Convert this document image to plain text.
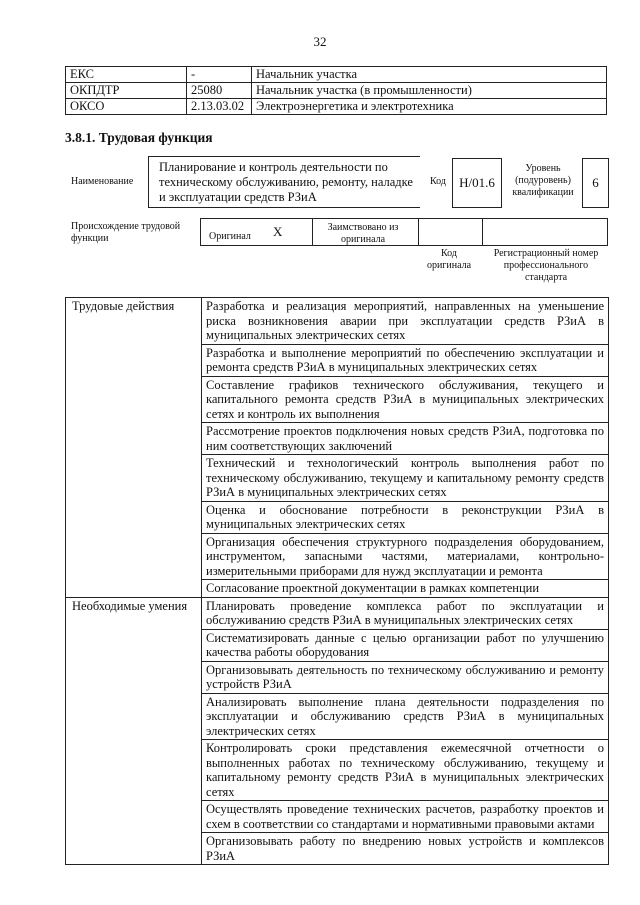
32
ЕКС	-	Начальник участка
ОКПДТР	25080	Начальник участка (в промышленности)
ОКСО	2.13.03.02	Электроэнергетика и электротехника
3.8.1. Трудовая функция
Наименование
Планирование и контроль деятельности по техническому обслуживанию, ремонту, наладке и эксплуатации средств РЗиА
Код	H/01.6
Уровень (подуровень) квалификации
6
Происхождение трудовой функции	Оригинал Х	Заимствовано из оригинала
Код оригинала
Регистрационный номер профессионального стандарта
Трудовые действия	Разработка и реализация мероприятий, направленных на уменьшение риска возникновения аварии при эксплуатации средств РЗиА в муниципальных электрических сетях
	Разработка и выполнение мероприятий по обеспечению эксплуатации и ремонта средств РЗиА в муниципальных электрических сетях
	Составление графиков технического обслуживания, текущего и капитального ремонта средств РЗиА в муниципальных электрических сетях и контроль их выполнения
	Рассмотрение проектов подключения новых средств РЗиА, подготовка по ним соответствующих заключений
	Технический и технологический контроль выполнения работ по техническому обслуживанию, текущему и капитальному ремонту средств РЗиА в муниципальных электрических сетях
	Оценка и обоснование потребности в реконструкции РЗиА в муниципальных электрических сетях
	Организация обеспечения структурного подразделения оборудованием, инструментом, запасными частями, материалами, контрольно-измерительными приборами для нужд эксплуатации и ремонта
	Согласование проектной документации в рамках компетенции
Необходимые умения	Планировать проведение комплекса работ по эксплуатации и обслуживанию средств РЗиА в муниципальных электрических сетях
	Систематизировать данные с целью организации работ по улучшению качества работы оборудования
	Организовывать деятельность по техническому обслуживанию и ремонту устройств РЗиА
	Анализировать выполнение плана деятельности подразделения по эксплуатации и обслуживанию средств РЗиА в муниципальных электрических сетях
	Контролировать сроки представления ежемесячной отчетности о выполненных работах по техническому обслуживанию, текущему и капитальному ремонту средств РЗиА в муниципальных электрических сетях
	Осуществлять проведение технических расчетов, разработку проектов и схем в соответствии со стандартами и нормативными правовыми актами
	Организовывать работу по внедрению новых устройств и комплексов РЗиА
